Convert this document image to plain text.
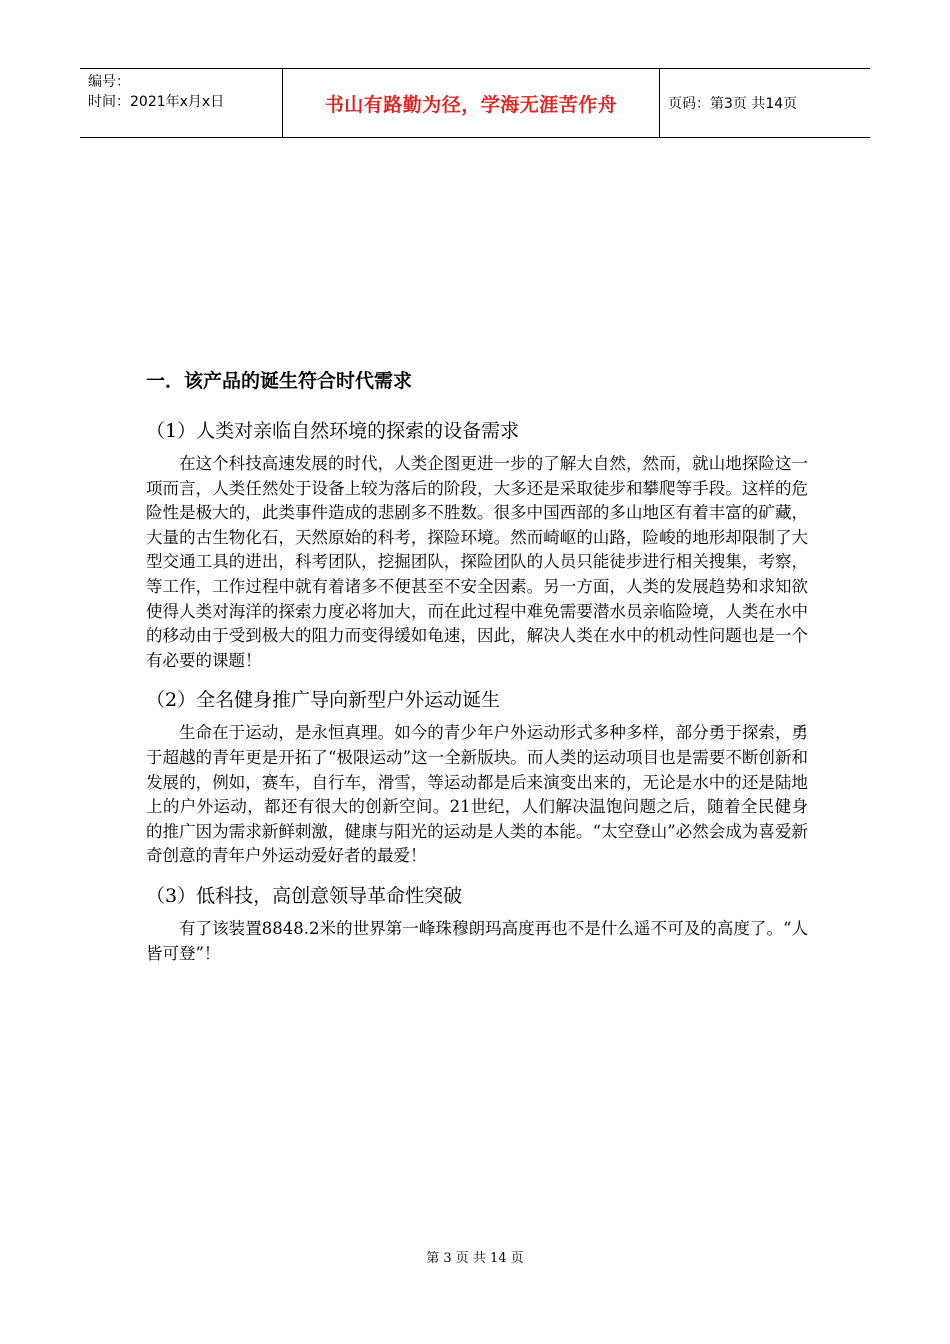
编号：
时间：2021年x月x日	书山有路勤为径，学海无涯苦作舟	页码：第3页 共14页
一．该产品的诞生符合时代需求
（1）人类对亲临自然环境的探索的设备需求

在这个科技高速发展的时代，人类企图更进一步的了解大自然，然而，就山地探险这一项而言，人类任然处于设备上较为落后的阶段，大多还是采取徒步和攀爬等手段。这样的危险性是极大的，此类事件造成的悲剧多不胜数。很多中国西部的多山地区有着丰富的矿藏，大量的古生物化石，天然原始的科考，探险环境。然而崎岖的山路，险峻的地形却限制了大型交通工具的进出，科考团队，挖掘团队，探险团队的人员只能徒步进行相关搜集，考察，等工作，工作过程中就有着诸多不便甚至不安全因素。另一方面，人类的发展趋势和求知欲使得人类对海洋的探索力度必将加大，而在此过程中难免需要潜水员亲临险境，人类在水中的移动由于受到极大的阻力而变得缓如龟速，因此，解决人类在水中的机动性问题也是一个有必要的课题！

（2）全名健身推广导向新型户外运动诞生

生命在于运动，是永恒真理。如今的青少年户外运动形式多种多样，部分勇于探索，勇于超越的青年更是开拓了“极限运动”这一全新版块。而人类的运动项目也是需要不断创新和发展的，例如，赛车，自行车，滑雪，等运动都是后来演变出来的，无论是水中的还是陆地上的户外运动，都还有很大的创新空间。21世纪，人们解决温饱问题之后，随着全民健身的推广因为需求新鲜刺激，健康与阳光的运动是人类的本能。“太空登山”必然会成为喜爱新奇创意的青年户外运动爱好者的最爱！

（3）低科技，高创意领导革命性突破

有了该装置8848.2米的世界第一峰珠穆朗玛高度再也不是什么遥不可及的高度了。“人皆可登”！

第 3 页 共 14 页
